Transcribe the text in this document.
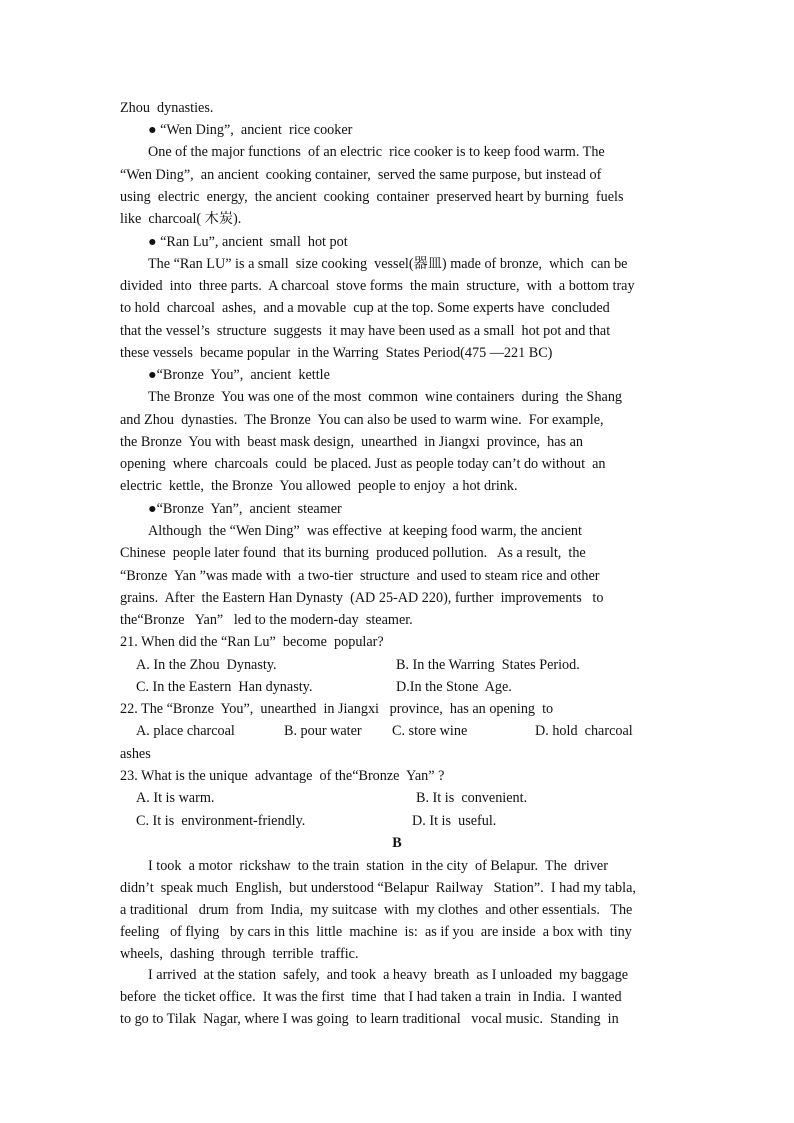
Zhou  dynasties.
● “Wen Ding”,  ancient  rice cooker
One of the major functions  of an electric  rice cooker is to keep food warm. The
“Wen Ding”,  an ancient  cooking container,  served the same purpose, but instead of
using  electric  energy,  the ancient  cooking  container  preserved heart by burning  fuels
like  charcoal( 木炭).
● “Ran Lu”, ancient  small  hot pot
The “Ran LU” is a small  size cooking  vessel(器皿) made of bronze,  which  can be
divided  into  three parts.  A charcoal  stove forms  the main  structure,  with  a bottom tray
to hold  charcoal  ashes,  and a movable  cup at the top. Some experts have  concluded
that the vessel’s  structure  suggests  it may have been used as a small  hot pot and that
these vessels  became popular  in the Warring  States Period(475 —221 BC)
●“Bronze  You”,  ancient  kettle
The Bronze  You was one of the most  common  wine containers  during  the Shang
and Zhou  dynasties.  The Bronze  You can also be used to warm wine.  For example,
the Bronze  You with  beast mask design,  unearthed  in Jiangxi  province,  has an
opening  where  charcoals  could  be placed. Just as people today can’t do without  an
electric  kettle,  the Bronze  You allowed  people to enjoy  a hot drink.
●“Bronze  Yan”,  ancient  steamer
Although  the “Wen Ding”  was effective  at keeping food warm, the ancient
Chinese  people later found  that its burning  produced pollution.   As a result,  the
“Bronze  Yan ”was made with  a two-tier  structure  and used to steam rice and other
grains.  After  the Eastern Han Dynasty  (AD 25-AD 220), further  improvements   to
the“Bronze   Yan”   led to the modern-day  steamer.
21. When did the “Ran Lu”  become  popular?
A. In the Zhou  Dynasty.	B. In the Warring  States Period.
C. In the Eastern  Han dynasty.	D.In the Stone  Age.
22. The “Bronze  You”,  unearthed  in Jiangxi   province,  has an opening  to
A. place charcoal	B. pour water C. store wine	D. hold  charcoal
ashes
23. What is the unique  advantage  of the“Bronze  Yan” ?
A. It is warm.	B. It is  convenient.
C. It is  environment-friendly.	D. It is  useful.
B
I took  a motor  rickshaw  to the train  station  in the city  of Belapur.  The  driver
didn’t  speak much  English,  but understood “Belapur  Railway   Station”.  I had my tabla,
a traditional   drum  from  India,  my suitcase  with  my clothes  and other essentials.   The
feeling   of flying   by cars in this  little  machine  is:  as if you  are inside  a box with  tiny
wheels,  dashing  through  terrible  traffic.
I arrived  at the station  safely,  and took  a heavy  breath  as I unloaded  my baggage
before  the ticket office.  It was the first  time  that I had taken a train  in India.  I wanted
to go to Tilak  Nagar, where I was going  to learn traditional   vocal music.  Standing  in
